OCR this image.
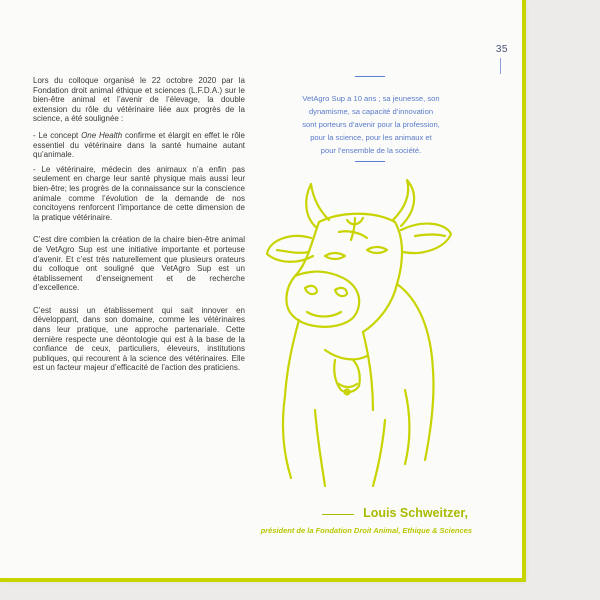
35

Lors du colloque organisé le 22 octobre 2020 par la Fondation droit animal éthique et sciences (L.F.D.A.) sur le bien-être animal et l’avenir de l’élevage, la double extension du rôle du vétérinaire liée aux progrès de la science, a été soulignée :

- Le concept One Health confirme et élargit en effet le rôle essentiel du vétérinaire dans la santé humaine autant qu’animale.

- Le vétérinaire, médecin des animaux n’a enfin pas seulement en charge leur santé physique mais aussi leur bien-être; les progrès de la connaissance sur la conscience animale comme l’évolution de la demande de nos concitoyens renforcent l’importance de cette dimension de la pratique vétérinaire.

C’est dire combien la création de la chaire bien-être animal de VetAgro Sup est une initiative importante et porteuse d’avenir. Et c’est très naturellement que plusieurs orateurs du colloque ont souligné que VetAgro Sup est un établissement d’enseignement et de recherche d’excellence.

C’est aussi un établissement qui sait innover en développant, dans son domaine, comme les vétérinaires dans leur pratique, une approche partenariale. Cette dernière respecte une déontologie qui est à la base de la confiance de ceux, particuliers, éleveurs, institutions publiques, qui recourent à la science des vétérinaires. Elle est un facteur majeur d’efficacité de l’action des praticiens.

VetAgro Sup a 10 ans ; sa jeunesse, son
dynamisme, sa capacité d’innovation
sont porteurs d’avenir pour la profession,
pour la science, pour les animaux et
pour l’ensemble de la société.
Louis Schweitzer,
président de la Fondation Droit Animal, Ethique & Sciences
